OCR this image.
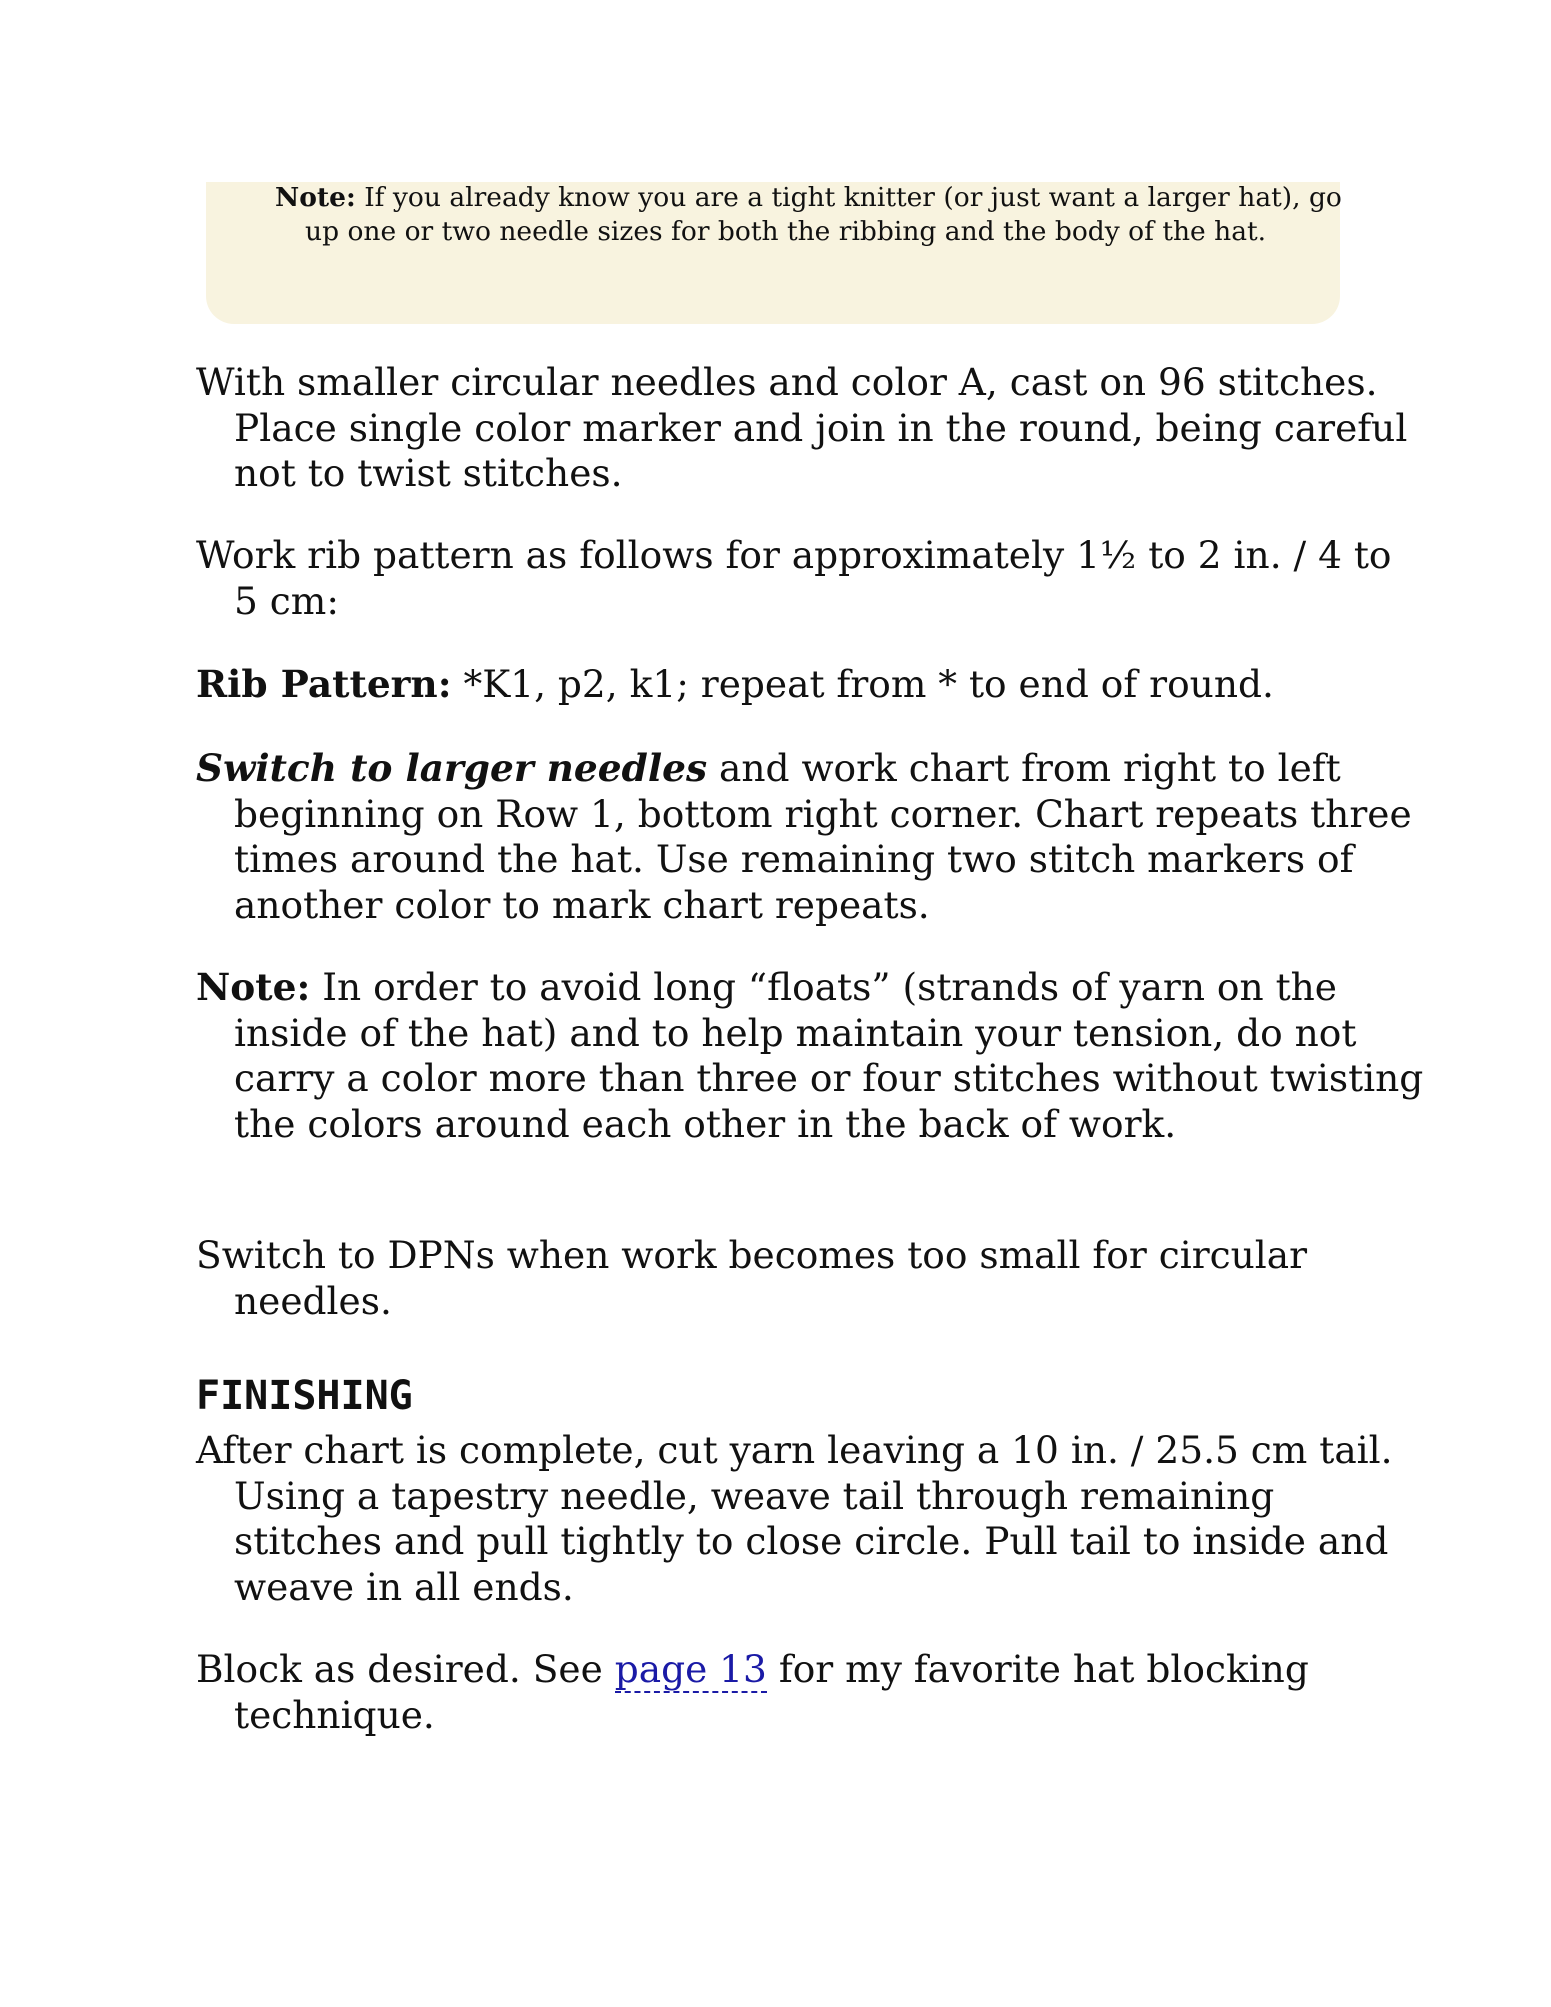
Note: If you already know you are a tight knitter (or just want a larger hat), go up one or two needle sizes for both the ribbing and the body of the hat.

With smaller circular needles and color A, cast on 96 stitches. Place single color marker and join in the round, being careful not to twist stitches.

Work rib pattern as follows for approximately 1½ to 2 in. / 4 to 5 cm:

Rib Pattern: *K1, p2, k1; repeat from * to end of round.

Switch to larger needles and work chart from right to left beginning on Row 1, bottom right corner. Chart repeats three times around the hat. Use remaining two stitch markers of another color to mark chart repeats.

Note: In order to avoid long “floats” (strands of yarn on the inside of the hat) and to help maintain your tension, do not carry a color more than three or four stitches without twisting the colors around each other in the back of work.

Switch to DPNs when work becomes too small for circular needles.

FINISHING

After chart is complete, cut yarn leaving a 10 in. / 25.5 cm tail. Using a tapestry needle, weave tail through remaining stitches and pull tightly to close circle. Pull tail to inside and weave in all ends.

Block as desired. See page 13 for my favorite hat blocking technique.
